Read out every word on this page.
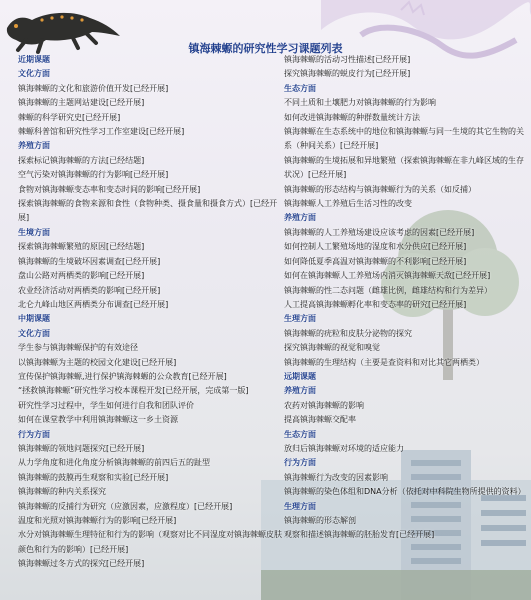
镇海棘螈的研究性学习课题列表

近期课题

文化方面

镇海棘螈的文化和旅游价值开发[已经开展]

镇海棘螈的主题网站建设[已经开展]

棘螈的科学研究史[已经开展]

棘螈科普馆和研究性学习工作室建设[已经开展]

养殖方面

探索标记镇海棘螈的方法[已经结题]

空气污染对镇海棘螈的行为影响[已经开展]

食物对镇海棘螈变态率和变态时间的影响[已经开展]

探索镇海棘螈的食物来源和食性（食物种类、摄食量和摄食方式）[已经开展]

生境方面

探索镇海棘螈繁殖的原因[已经结题]

镇海棘螈的生境破坏因素调查[已经开展]

盘山公路对两栖类的影响[已经开展]

农业经济活动对两栖类的影响[已经开展]

北仑九峰山地区两栖类分布调查[已经开展]

中期课题

文化方面

学生参与镇海棘螈保护的有效途径

以镇海棘螈为主题的校园文化建设[已经开展]

宣传保护镇海棘螈,进行保护镇海棘螈的公众教育[已经开展]

“拯救镇海棘螈”研究性学习校本课程开发[已经开展，完成第一版]

研究性学习过程中，学生如何进行自我和团队评价

如何在课堂教学中利用镇海棘螈这一乡土资源

行为方面

镇海棘螈的领地问题探究[已经开展]

从力学角度和进化角度分析镇海棘螈的前四后五的趾型

镇海棘螈的鼓膜再生观察和实验[已经开展]

镇海棘螈的种内关系探究

镇海棘螈的反捕行为研究（应激因素，应激程度）[已经开展]

温度和光照对镇海棘螈行为的影响[已经开展]

水分对镇海棘螈生理特征和行为的影响（观察对比不同湿度对镇海棘螈皮肤颜色和行为的影响）[已经开展]

镇海棘螈过冬方式的探究[已经开展]

镇海棘螈的活动习性描述[已经开展]

探究镇海棘螈的蜕皮行为[已经开展]

生态方面

不同土质和土壤肥力对镇海棘螈的行为影响

如何改进镇海棘螈的种群数量统计方法

镇海棘螈在生态系统中的地位和镇海棘螈与同一生境的其它生物的关系（种间关系）[已经开展]

镇海棘螈的生境拓展和异地繁殖（探索镇海棘螈在非九峰区域的生存状况）[已经开展]

镇海棘螈的形态结构与镇海棘螈行为的关系（如反捕）

镇海棘螈人工养殖后生活习性的改变

养殖方面

镇海棘螈的人工养殖场建设应该考虑的因素[已经开展]

如何控制人工繁殖场地的湿度和水分供应[已经开展]

如何降低夏季高温对镇海棘螈的不利影响[已经开展]

如何在镇海棘螈人工养殖场内消灭镇海棘螈天敌[已经开展]

镇海棘螈的性二态问题（雌雄比例，雌雄结构和行为差异）

人工提高镇海棘螈孵化率和变态率的研究[已经开展]

生理方面

镇海棘螈的疣粒和皮肤分泌物的探究

探究镇海棘螈的视觉和嗅觉

镇海棘螈的生理结构（主要是查资料和对比其它两栖类）

远期课题

养殖方面

农药对镇海棘螈的影响

提高镇海棘螈交配率

生态方面

放归后镇海棘螈对环境的适应能力

行为方面

镇海棘螈行为改变的因素影响

镇海棘螈的染色体组和DNA分析（依托对中科院生物所提供的资料）

生理方面

镇海棘螈的形态解剖

观察和描述镇海棘螈的胚胎发育[已经开展]
